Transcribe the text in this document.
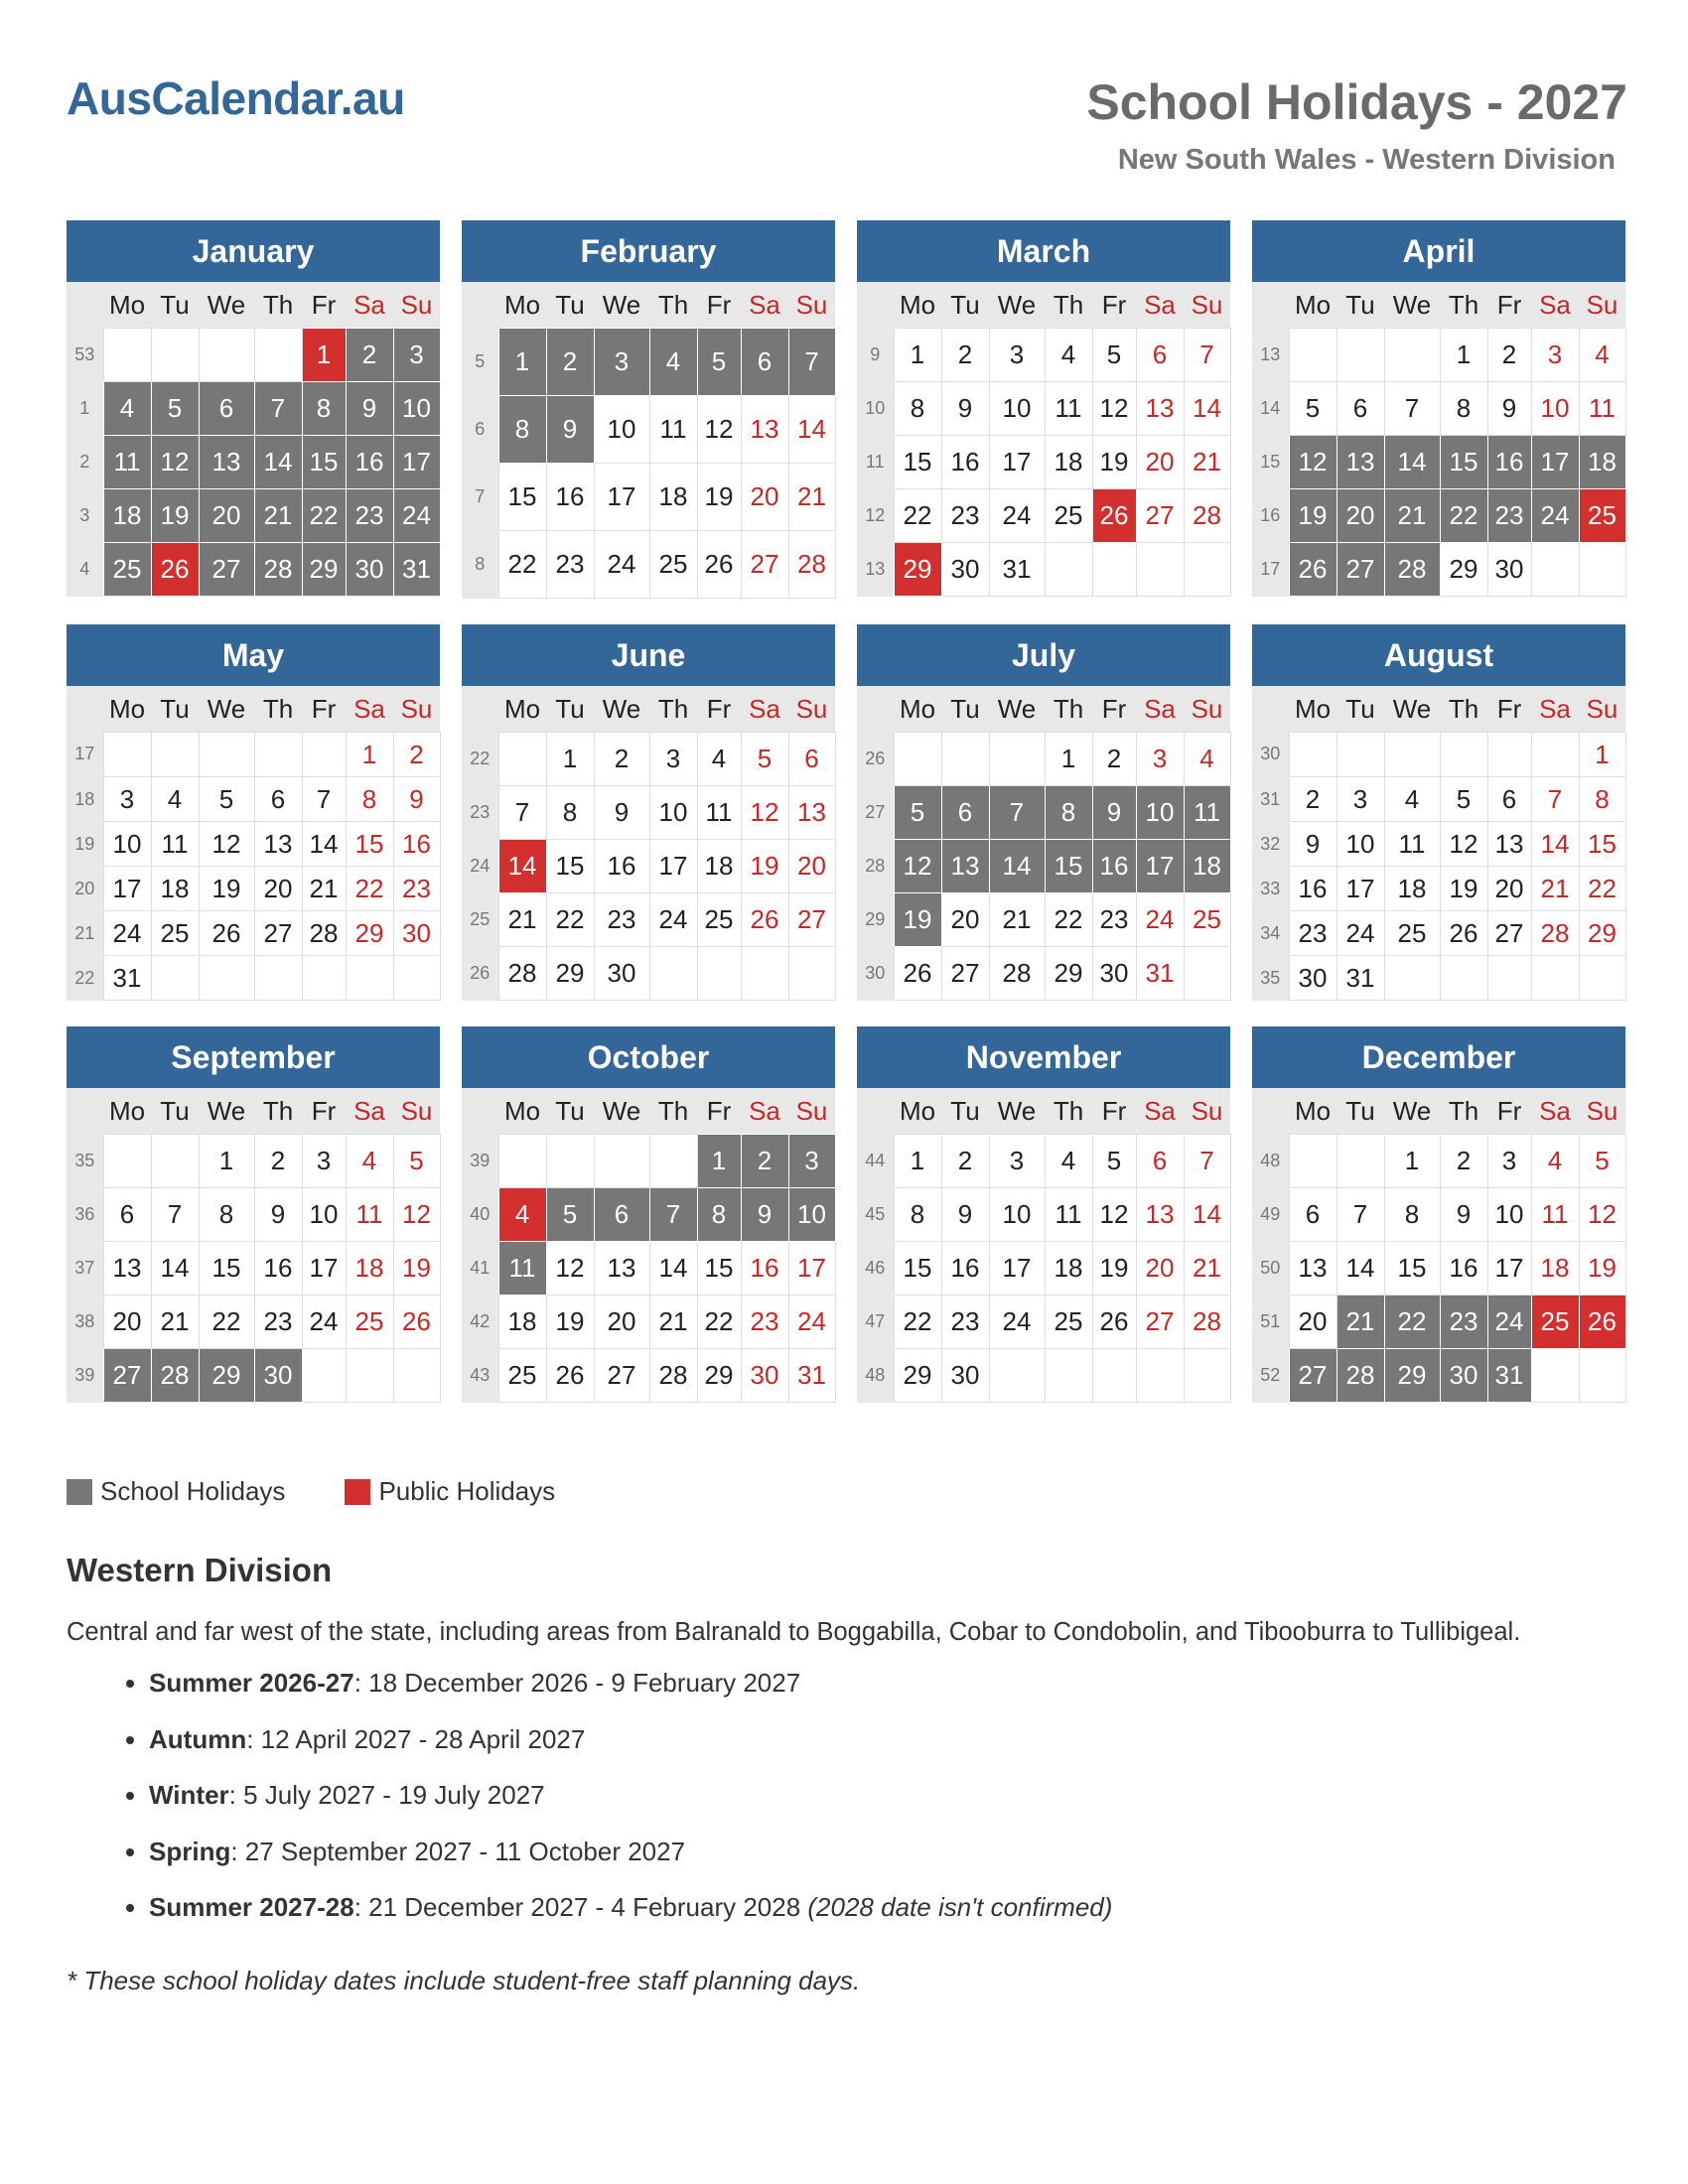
AusCalendar.au	School Holidays - 2027
New South Wales - Western Division
January
	Mo	Tu	We	Th	Fr	Sa	Su
53					1	2	3
1	4	5	6	7	8	9	10
2	11	12	13	14	15	16	17
3	18	19	20	21	22	23	24
4	25	26	27	28	29	30	31
February
	Mo	Tu	We	Th	Fr	Sa	Su
5	1	2	3	4	5	6	7
6	8	9	10	11	12	13	14
7	15	16	17	18	19	20	21
8	22	23	24	25	26	27	28
March
	Mo	Tu	We	Th	Fr	Sa	Su
9	1	2	3	4	5	6	7
10	8	9	10	11	12	13	14
11	15	16	17	18	19	20	21
12	22	23	24	25	26	27	28
13	29	30	31				
April
	Mo	Tu	We	Th	Fr	Sa	Su
13				1	2	3	4
14	5	6	7	8	9	10	11
15	12	13	14	15	16	17	18
16	19	20	21	22	23	24	25
17	26	27	28	29	30		
May
	Mo	Tu	We	Th	Fr	Sa	Su
17						1	2
18	3	4	5	6	7	8	9
19	10	11	12	13	14	15	16
20	17	18	19	20	21	22	23
21	24	25	26	27	28	29	30
22	31						
June
	Mo	Tu	We	Th	Fr	Sa	Su
22		1	2	3	4	5	6
23	7	8	9	10	11	12	13
24	14	15	16	17	18	19	20
25	21	22	23	24	25	26	27
26	28	29	30				
July
	Mo	Tu	We	Th	Fr	Sa	Su
26				1	2	3	4
27	5	6	7	8	9	10	11
28	12	13	14	15	16	17	18
29	19	20	21	22	23	24	25
30	26	27	28	29	30	31	
August
	Mo	Tu	We	Th	Fr	Sa	Su
30							1
31	2	3	4	5	6	7	8
32	9	10	11	12	13	14	15
33	16	17	18	19	20	21	22
34	23	24	25	26	27	28	29
35	30	31					
September
	Mo	Tu	We	Th	Fr	Sa	Su
35			1	2	3	4	5
36	6	7	8	9	10	11	12
37	13	14	15	16	17	18	19
38	20	21	22	23	24	25	26
39	27	28	29	30			
October
	Mo	Tu	We	Th	Fr	Sa	Su
39					1	2	3
40	4	5	6	7	8	9	10
41	11	12	13	14	15	16	17
42	18	19	20	21	22	23	24
43	25	26	27	28	29	30	31
November
	Mo	Tu	We	Th	Fr	Sa	Su
44	1	2	3	4	5	6	7
45	8	9	10	11	12	13	14
46	15	16	17	18	19	20	21
47	22	23	24	25	26	27	28
48	29	30					
December
	Mo	Tu	We	Th	Fr	Sa	Su
48			1	2	3	4	5
49	6	7	8	9	10	11	12
50	13	14	15	16	17	18	19
51	20	21	22	23	24	25	26
52	27	28	29	30	31		
School Holidays	Public Holidays
Western Division
Central and far west of the state, including areas from Balranald to Boggabilla, Cobar to Condobolin, and Tibooburra to Tullibigeal.
• Summer 2026-27: 18 December 2026 - 9 February 2027
• Autumn: 12 April 2027 - 28 April 2027
• Winter: 5 July 2027 - 19 July 2027
• Spring: 27 September 2027 - 11 October 2027
• Summer 2027-28: 21 December 2027 - 4 February 2028 (2028 date isn't confirmed)
* These school holiday dates include student-free staff planning days.
